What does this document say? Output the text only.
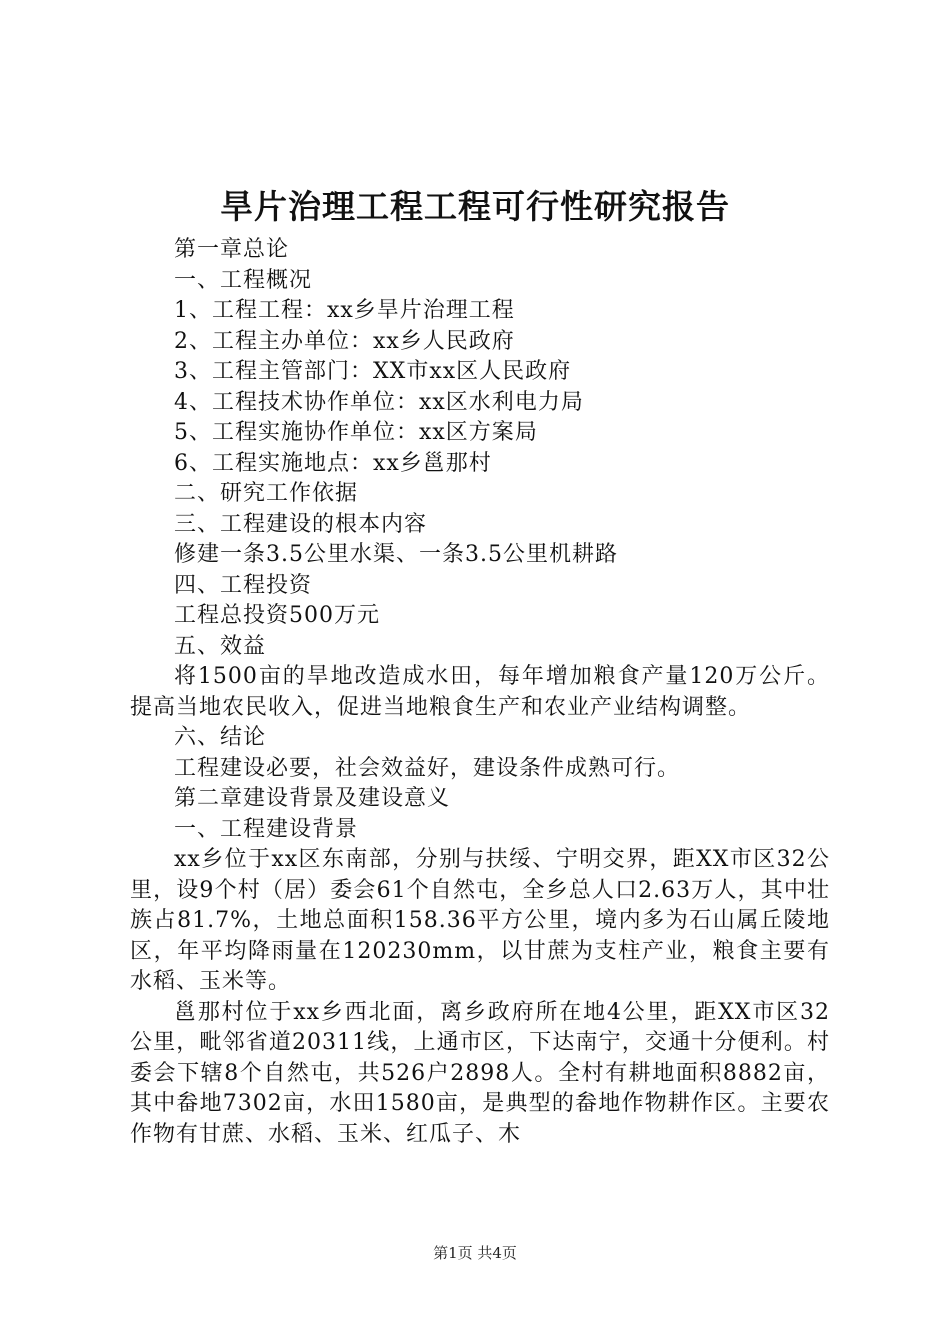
旱片治理工程工程可行性研究报告

第一章总论

一、工程概况

1、工程工程：xx乡旱片治理工程

2、工程主办单位：xx乡人民政府

3、工程主管部门：XX市xx区人民政府

4、工程技术协作单位：xx区水利电力局

5、工程实施协作单位：xx区方案局

6、工程实施地点：xx乡邕那村

二、研究工作依据

三、工程建设的根本内容

修建一条3.5公里水渠、一条3.5公里机耕路

四、工程投资

工程总投资500万元

五、效益

将1500亩的旱地改造成水田，每年增加粮食产量120万公斤。提高当地农民收入，促进当地粮食生产和农业产业结构调整。

六、结论

工程建设必要，社会效益好，建设条件成熟可行。

第二章建设背景及建设意义

一、工程建设背景

xx乡位于xx区东南部，分别与扶绥、宁明交界，距XX市区32公里，设9个村（居）委会61个自然屯，全乡总人口2.63万人，其中壮族占81.7%，土地总面积158.36平方公里，境内多为石山属丘陵地区，年平均降雨量在120230mm，以甘蔗为支柱产业，粮食主要有水稻、玉米等。

邕那村位于xx乡西北面，离乡政府所在地4公里，距XX市区32公里，毗邻省道20311线，上通市区，下达南宁，交通十分便利。村委会下辖8个自然屯，共526户2898人。全村有耕地面积8882亩，其中畚地7302亩，水田1580亩，是典型的畚地作物耕作区。主要农作物有甘蔗、水稻、玉米、红瓜子、木

第1页 共4页
